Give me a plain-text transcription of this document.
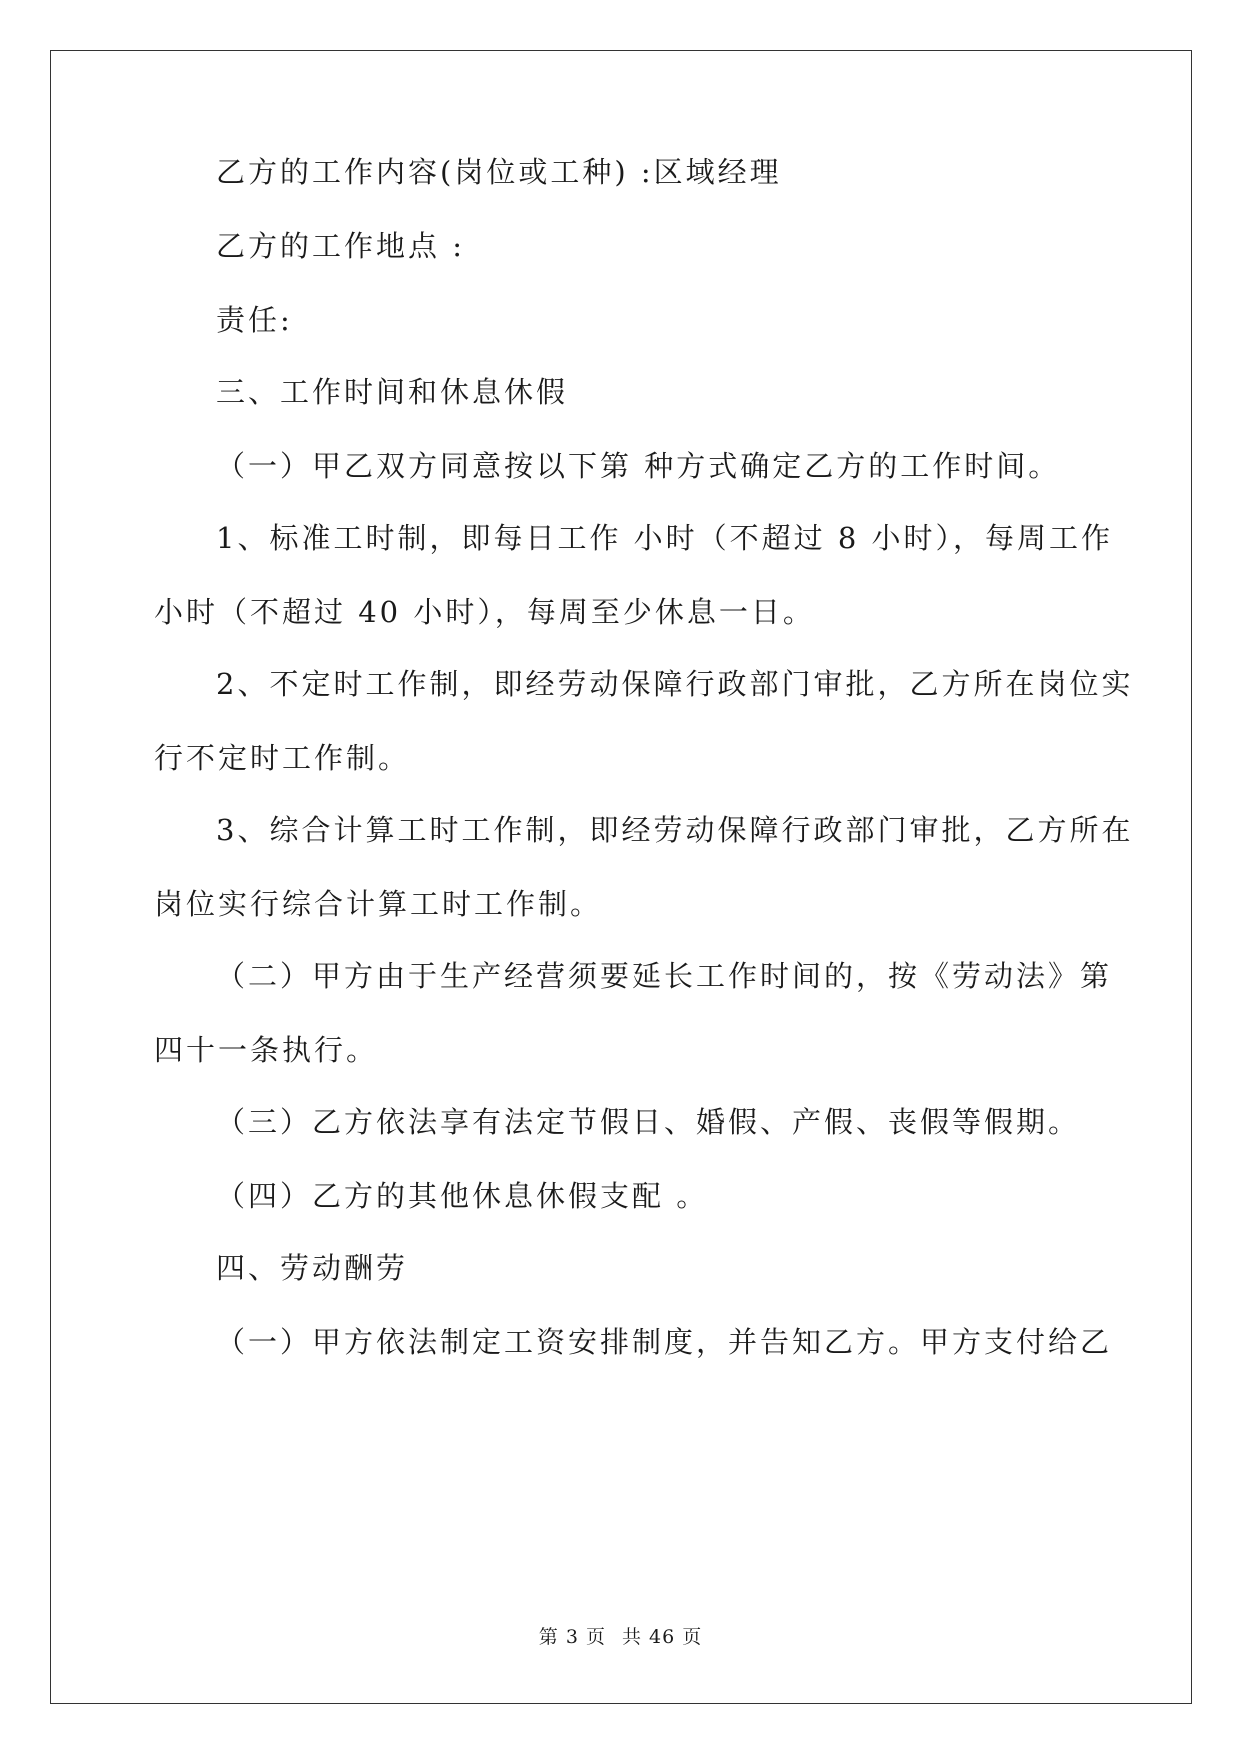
乙方的工作内容(岗位或工种) :区域经理
乙方的工作地点 :
责任:
三、工作时间和休息休假
（一）甲乙双方同意按以下第 种方式确定乙方的工作时间。
1、标准工时制，即每日工作 小时（不超过 8 小时），每周工作
小时（不超过 40 小时），每周至少休息一日。
2、不定时工作制，即经劳动保障行政部门审批，乙方所在岗位实
行不定时工作制。
3、综合计算工时工作制，即经劳动保障行政部门审批，乙方所在
岗位实行综合计算工时工作制。
（二）甲方由于生产经营须要延长工作时间的，按《劳动法》第
四十一条执行。
（三）乙方依法享有法定节假日、婚假、产假、丧假等假期。
（四）乙方的其他休息休假支配 。
四、劳动酬劳
（一）甲方依法制定工资安排制度，并告知乙方。甲方支付给乙
第 3 页 共 46 页
